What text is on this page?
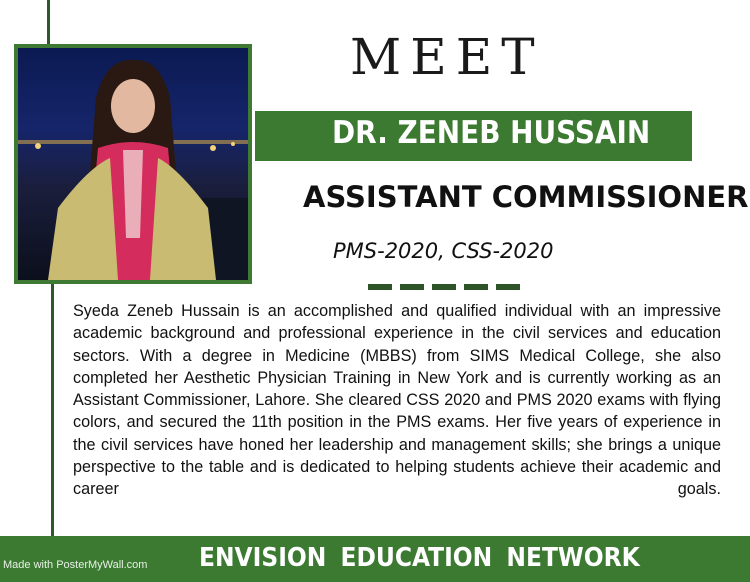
MEET
DR. ZENEB HUSSAIN
ASSISTANT COMMISSIONER
PMS-2020, CSS-2020
Syeda Zeneb Hussain is an accomplished and qualified individual with an impressive academic background and professional experience in the civil services and education sectors. With a degree in Medicine (MBBS) from SIMS Medical College, she also completed her Aesthetic Physician Training in New York and is currently working as an Assistant Commissioner, Lahore. She cleared CSS 2020 and PMS 2020 exams with flying colors, and secured the 11th position in the PMS exams. Her five years of experience in the civil services have honed her leadership and management skills; she brings a unique perspective to the table and is dedicated to helping students achieve their academic and career goals.
Made with PosterMyWall.com ENVISION EDUCATION NETWORK
